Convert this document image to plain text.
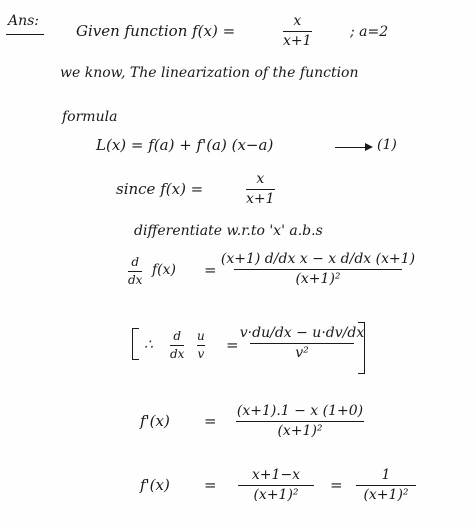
Ans:
Given function f(x) =
x
x+1
; a=2
we know, The linearization of the function
formula
L(x) = f(a) + f'(a) (x−a)	(1)
since f(x) =
x
x+1
differentiate w.r.to 'x' a.b.s
d
dx
f(x) =
(x+1) d/dx x − x d/dx (x+1)
(x+1)²
∴
d
dx
u
v
=
v·du/dx − u·dv/dx
v²
f'(x) =
(x+1).1 − x (1+0)
(x+1)²
f'(x) =
x+1−x
(x+1)²
=
1
(x+1)²
